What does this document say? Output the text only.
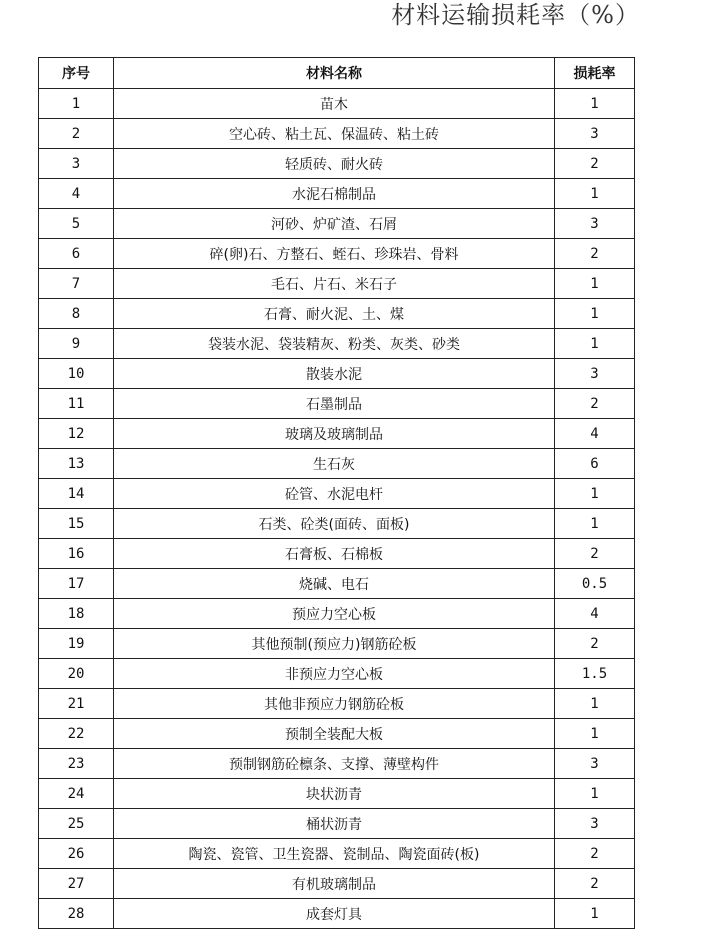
材料运输损耗率（%）
序号	材料名称	损耗率
1	苗木	1
2	空心砖、粘土瓦、保温砖、粘土砖	3
3	轻质砖、耐火砖	2
4	水泥石棉制品	1
5	河砂、炉矿渣、石屑	3
6	碎(卵)石、方整石、蛭石、珍珠岩、骨料	2
7	毛石、片石、米石子	1
8	石膏、耐火泥、土、煤	1
9	袋装水泥、袋装精灰、粉类、灰类、砂类	1
10	散装水泥	3
11	石墨制品	2
12	玻璃及玻璃制品	4
13	生石灰	6
14	砼管、水泥电杆	1
15	石类、砼类(面砖、面板)	1
16	石膏板、石棉板	2
17	烧碱、电石	0.5
18	预应力空心板	4
19	其他预制(预应力)钢筋砼板	2
20	非预应力空心板	1.5
21	其他非预应力钢筋砼板	1
22	预制全装配大板	1
23	预制钢筋砼檩条、支撑、薄壁构件	3
24	块状沥青	1
25	桶状沥青	3
26	陶瓷、瓷管、卫生瓷器、瓷制品、陶瓷面砖(板)	2
27	有机玻璃制品	2
28	成套灯具	1
